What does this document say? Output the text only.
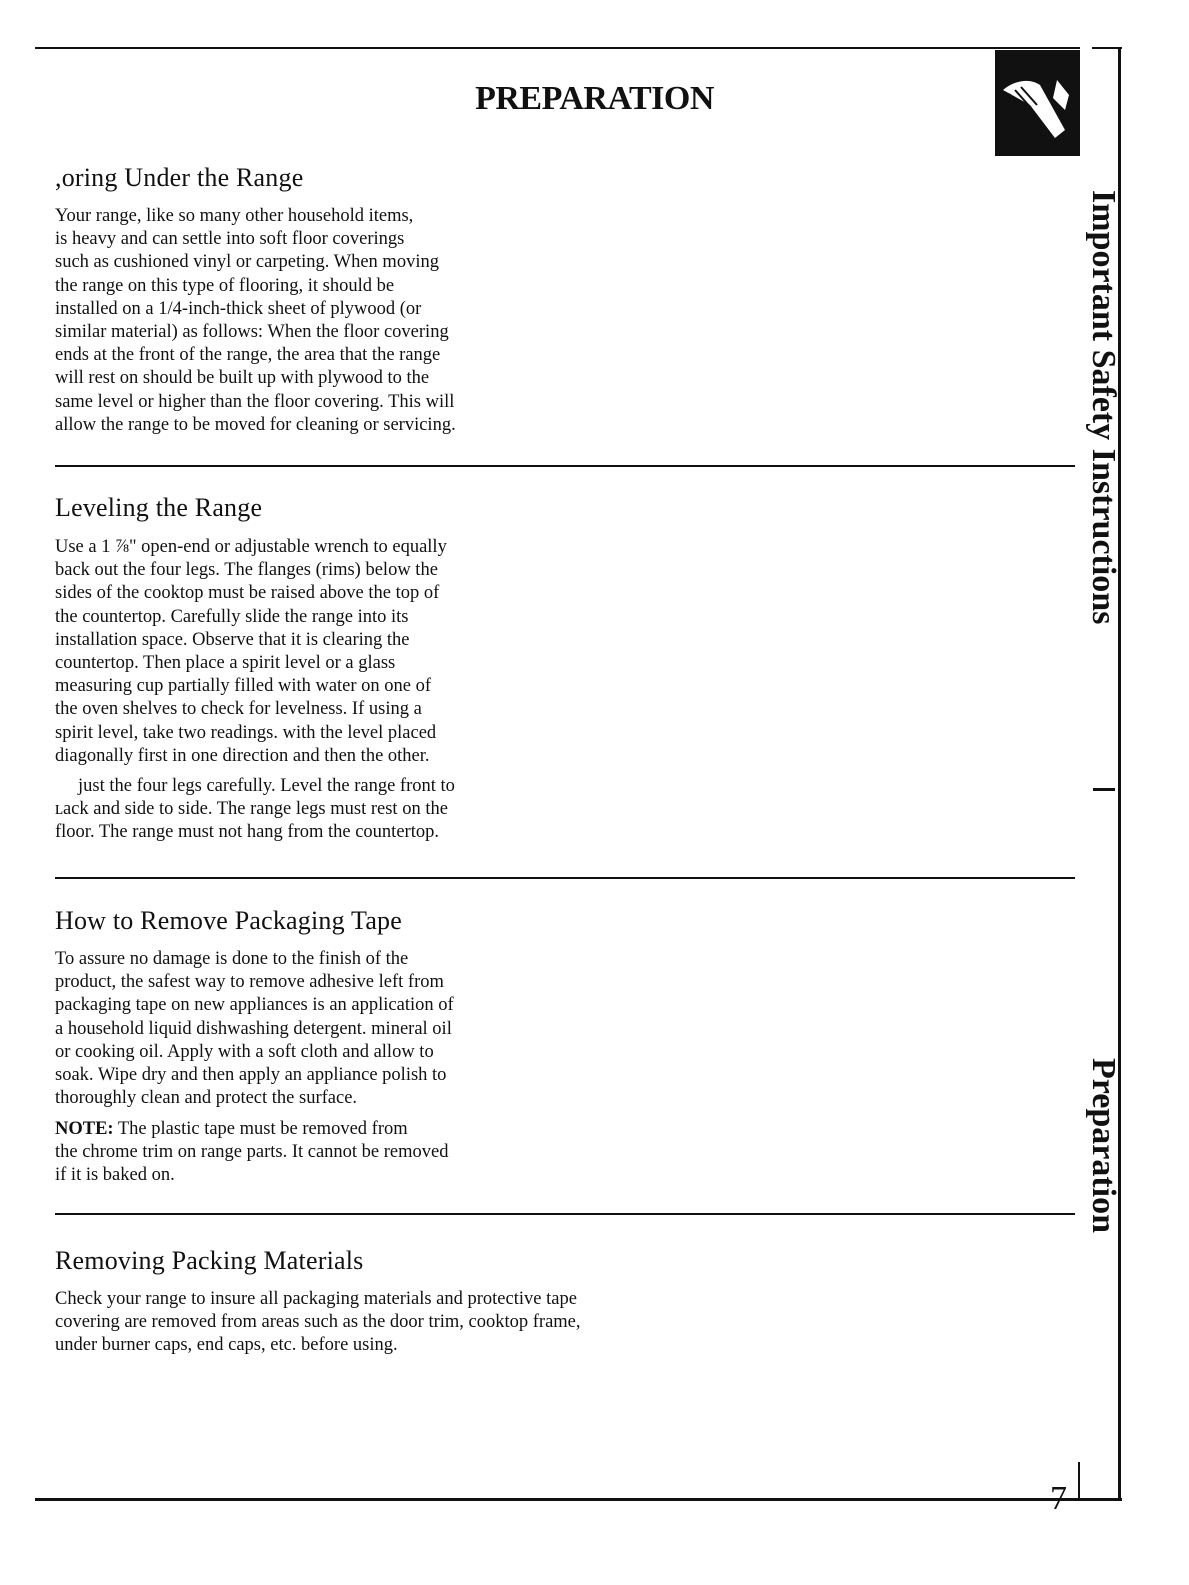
PREPARATION
,oring Under the Range

Your range, like so many other household items,
is heavy and can settle into soft floor coverings
such as cushioned vinyl or carpeting. When moving
the range on this type of flooring, it should be
installed on a 1/4-inch-thick sheet of plywood (or
similar material) as follows: When the floor covering
ends at the front of the range, the area that the range
will rest on should be built up with plywood to the
same level or higher than the floor covering. This will
allow the range to be moved for cleaning or servicing.

Leveling the Range

Use a 1 ⅞" open-end or adjustable wrench to equally
back out the four legs. The flanges (rims) below the
sides of the cooktop must be raised above the top of
the countertop. Carefully slide the range into its
installation space. Observe that it is clearing the
countertop. Then place a spirit level or a glass
measuring cup partially filled with water on one of
the oven shelves to check for levelness. If using a
spirit level, take two readings. with the level placed
diagonally first in one direction and then the other.

just the four legs carefully. Level the range front to

ʟack and side to side. The range legs must rest on the
floor. The range must not hang from the countertop.

How to Remove Packaging Tape

To assure no damage is done to the finish of the
product, the safest way to remove adhesive left from
packaging tape on new appliances is an application of
a household liquid dishwashing detergent. mineral oil
or cooking oil. Apply with a soft cloth and allow to
soak. Wipe dry and then apply an appliance polish to
thoroughly clean and protect the surface.

NOTE: The plastic tape must be removed from
the chrome trim on range parts. It cannot be removed
if it is baked on.

Removing Packing Materials

Check your range to insure all packaging materials and protective tape
covering are removed from areas such as the door trim, cooktop frame,
under burner caps, end caps, etc. before using.

Important Safety Instructions
Preparation
7
